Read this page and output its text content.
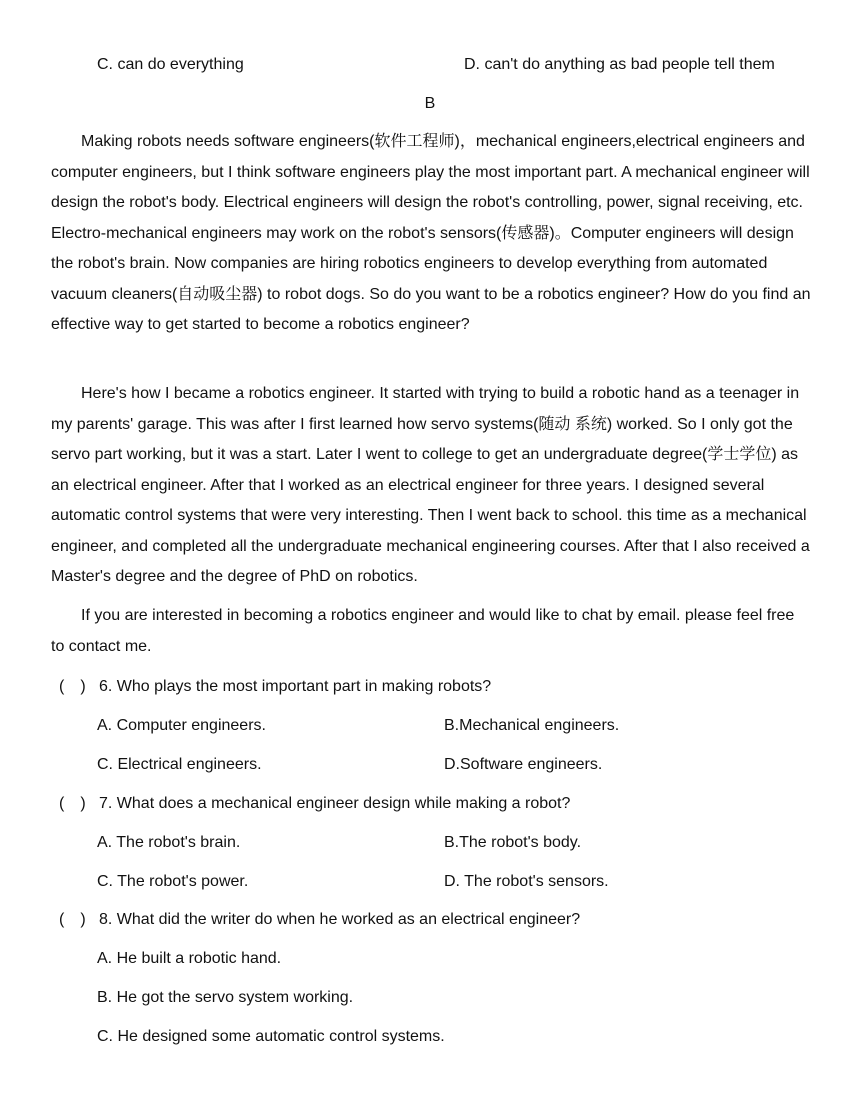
C. can do everything	D. can't do anything as bad people tell them
B
Making robots needs software engineers(软件工程师)，mechanical engineers,electrical engineers and computer engineers, but I think software engineers play the most important part. A mechanical engineer will design the robot's body. Electrical engineers will design the robot's controlling, power, signal receiving, etc. Electro-mechanical engineers may work on the robot's sensors(传感器)。Computer engineers will design the robot's brain. Now companies are hiring robotics engineers to develop everything from automated vacuum cleaners(自动吸尘器) to robot dogs. So do you want to be a robotics engineer? How do you find an effective way to get started to become a robotics engineer?
Here's how I became a robotics engineer. It started with trying to build a robotic hand as a teenager in my parents' garage. This was after I first learned how servo systems(随动 系统) worked. So I only got the servo part working, but it was a start. Later I went to college to get an undergraduate degree(学士学位) as an electrical engineer. After that I worked as an electrical engineer for three years. I designed several automatic control systems that were very interesting. Then I went back to school. this time as a mechanical engineer, and completed all the undergraduate mechanical engineering courses. After that I also received a Master's degree and the degree of PhD on robotics.
If you are interested in becoming a robotics engineer and would like to chat by email. please feel free to contact me.
(　) 6. Who plays the most important part in making robots?
A. Computer engineers.	B.Mechanical engineers.
C. Electrical engineers.	D.Software engineers.
(　) 7. What does a mechanical engineer design while making a robot?
A. The robot's brain.	B.The robot's body.
C. The robot's power.	D. The robot's sensors.
(　) 8. What did the writer do when he worked as an electrical engineer?
A. He built a robotic hand.
B. He got the servo system working.
C. He designed some automatic control systems.
